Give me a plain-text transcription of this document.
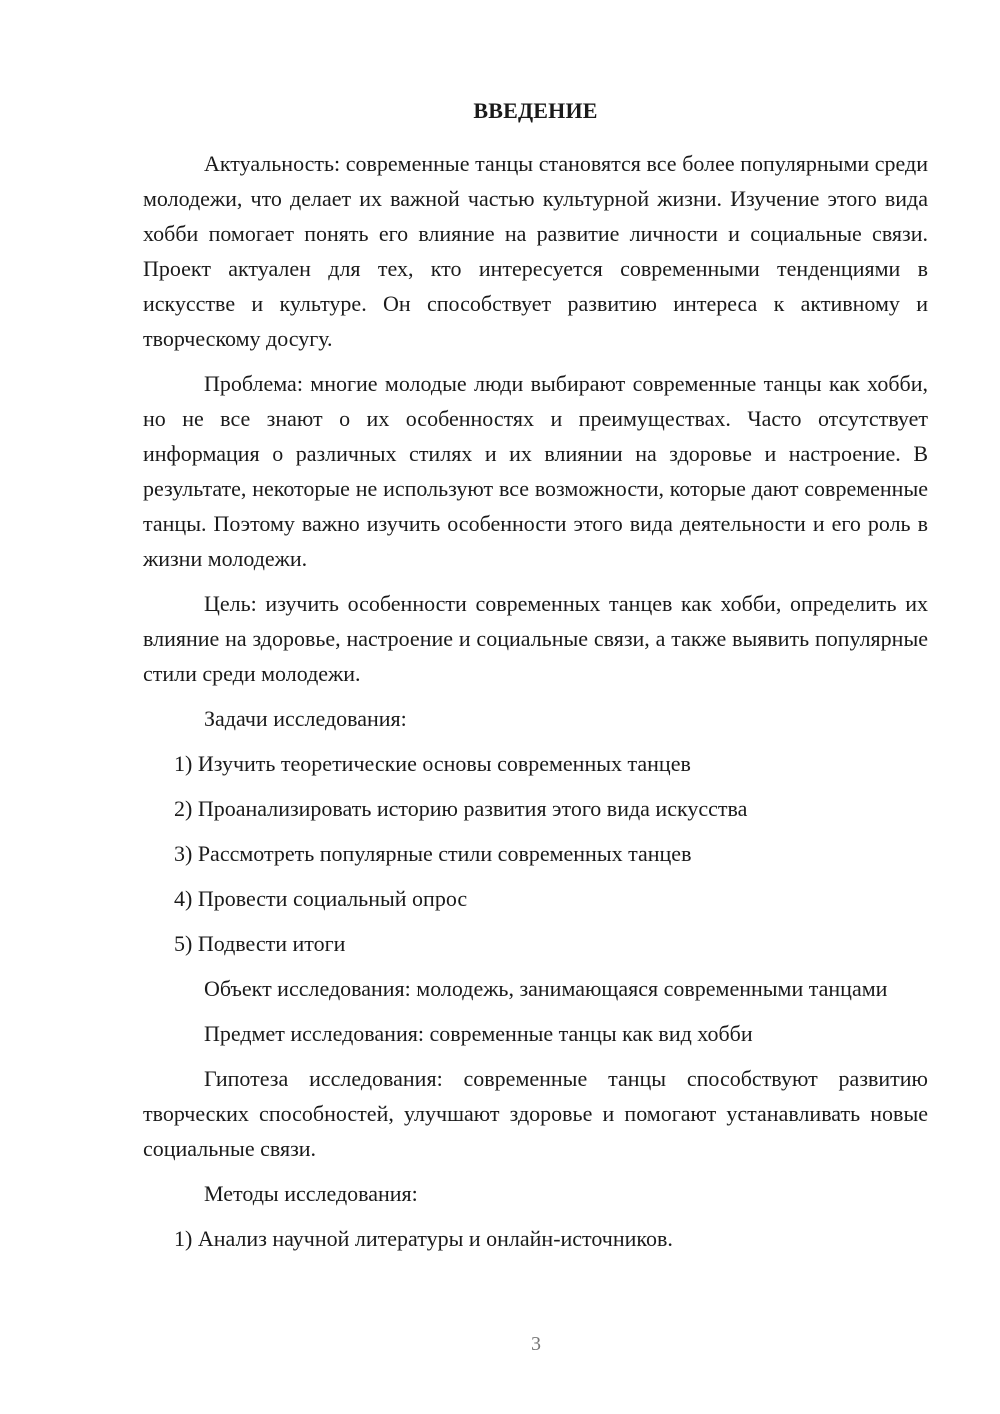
ВВЕДЕНИЕ

Актуальность: современные танцы становятся все более популярными среди молодежи, что делает их важной частью культурной жизни. Изучение этого вида хобби помогает понять его влияние на развитие личности и социальные связи. Проект актуален для тех, кто интересуется современными тенденциями в искусстве и культуре. Он способствует развитию интереса к активному и творческому досугу.

Проблема: многие молодые люди выбирают современные танцы как хобби, но не все знают о их особенностях и преимуществах. Часто отсутствует информация о различных стилях и их влиянии на здоровье и настроение. В результате, некоторые не используют все возможности, которые дают современные танцы. Поэтому важно изучить особенности этого вида деятельности и его роль в жизни молодежи.

Цель: изучить особенности современных танцев как хобби, определить их влияние на здоровье, настроение и социальные связи, а также выявить популярные стили среди молодежи.

Задачи исследования:
1) Изучить теоретические основы современных танцев
2) Проанализировать историю развития этого вида искусства
3) Рассмотреть популярные стили современных танцев
4) Провести социальный опрос
5) Подвести итоги

Объект исследования: молодежь, занимающаяся современными танцами

Предмет исследования: современные танцы как вид хобби

Гипотеза исследования: современные танцы способствуют развитию творческих способностей, улучшают здоровье и помогают устанавливать новые социальные связи.

Методы исследования:
1) Анализ научной литературы и онлайн-источников.
3
